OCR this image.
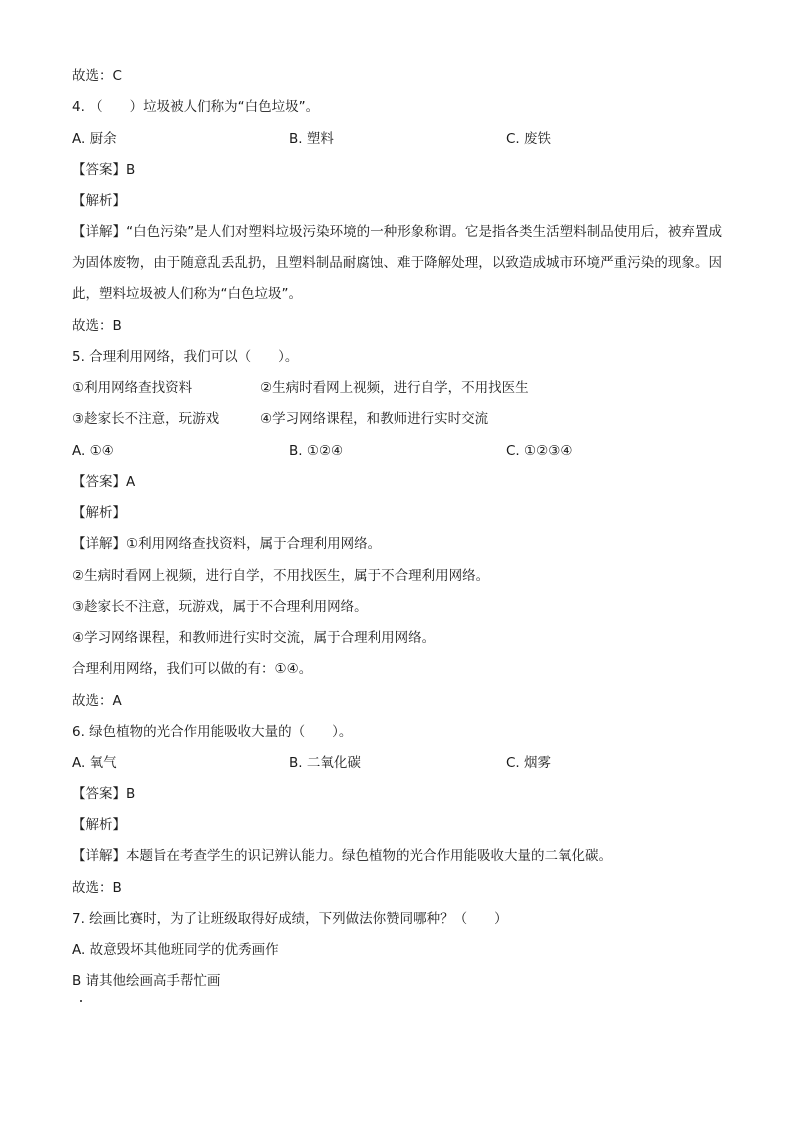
故选：C
4. （　　）垃圾被人们称为“白色垃圾”。
A. 厨余	B. 塑料	C. 废铁
【答案】B
【解析】
【详解】“白色污染”是人们对塑料垃圾污染环境的一种形象称谓。它是指各类生活塑料制品使用后，被弃置成为固体废物，由于随意乱丢乱扔，且塑料制品耐腐蚀、难于降解处理，以致造成城市环境严重污染的现象。因此，塑料垃圾被人们称为“白色垃圾”。
故选：B
5. 合理利用网络，我们可以（　　）。
①利用网络查找资料	②生病时看网上视频，进行自学，不用找医生
③趁家长不注意，玩游戏	④学习网络课程，和教师进行实时交流
A. ①④	B. ①②④	C. ①②③④
【答案】A
【解析】
【详解】①利用网络查找资料，属于合理利用网络。
②生病时看网上视频，进行自学，不用找医生，属于不合理利用网络。
③趁家长不注意，玩游戏，属于不合理利用网络。
④学习网络课程，和教师进行实时交流，属于合理利用网络。
合理利用网络，我们可以做的有：①④。
故选：A
6. 绿色植物的光合作用能吸收大量的（　　）。
A. 氧气	B. 二氧化碳	C. 烟雾
【答案】B
【解析】
【详解】本题旨在考查学生的识记辨认能力。绿色植物的光合作用能吸收大量的二氧化碳。
故选：B
7. 绘画比赛时，为了让班级取得好成绩，下列做法你赞同哪种？（　　）
A. 故意毁坏其他班同学的优秀画作
B 请其他绘画高手帮忙画
